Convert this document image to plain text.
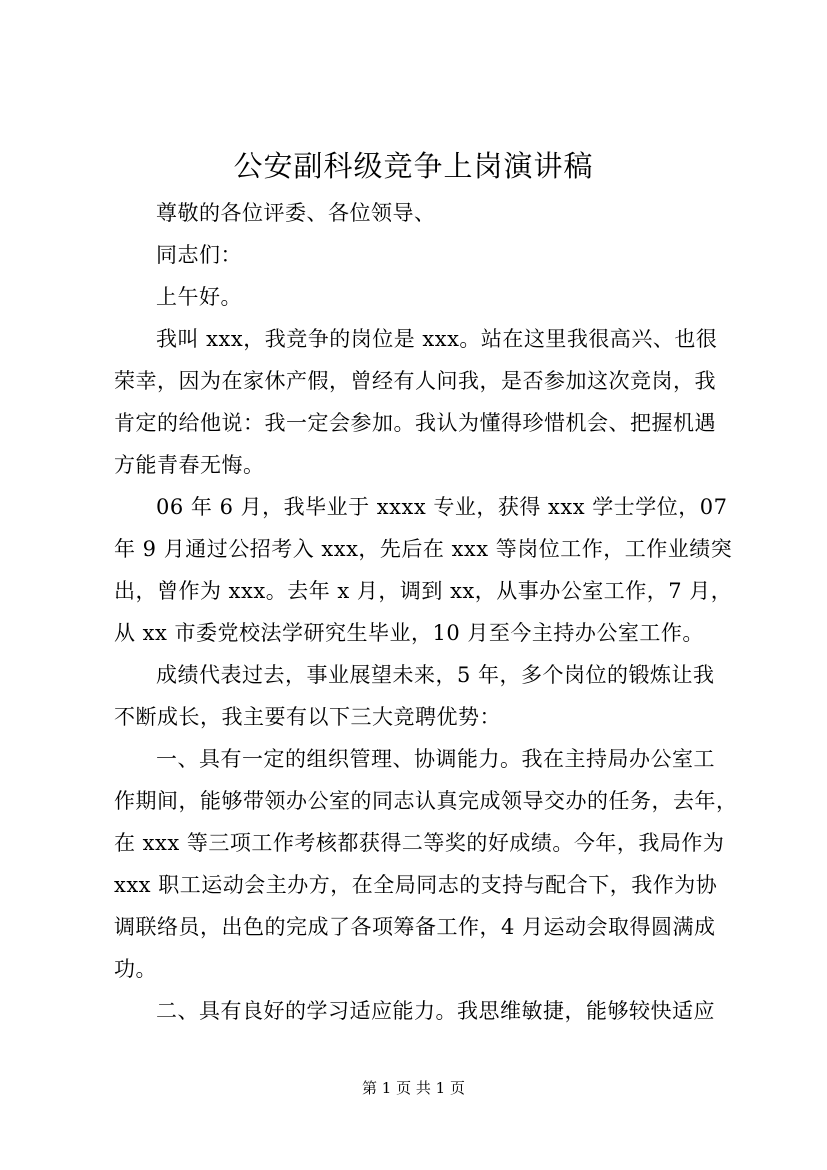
公安副科级竞争上岗演讲稿
尊敬的各位评委、各位领导、
同志们：
上午好。
我叫 xxx，我竞争的岗位是 xxx。站在这里我很高兴、也很
荣幸，因为在家休产假，曾经有人问我，是否参加这次竞岗，我
肯定的给他说：我一定会参加。我认为懂得珍惜机会、把握机遇
方能青春无悔。
06 年 6 月，我毕业于 xxxx 专业，获得 xxx 学士学位，07
年 9 月通过公招考入 xxx，先后在 xxx 等岗位工作，工作业绩突
出，曾作为 xxx。去年 x 月，调到 xx，从事办公室工作，7 月，
从 xx 市委党校法学研究生毕业，10 月至今主持办公室工作。
成绩代表过去，事业展望未来，5 年，多个岗位的锻炼让我
不断成长，我主要有以下三大竞聘优势：
一、具有一定的组织管理、协调能力。我在主持局办公室工
作期间，能够带领办公室的同志认真完成领导交办的任务，去年，
在 xxx 等三项工作考核都获得二等奖的好成绩。今年，我局作为
xxx 职工运动会主办方，在全局同志的支持与配合下，我作为协
调联络员，出色的完成了各项筹备工作，4 月运动会取得圆满成
功。
二、具有良好的学习适应能力。我思维敏捷，能够较快适应
第 1 页 共 1 页
